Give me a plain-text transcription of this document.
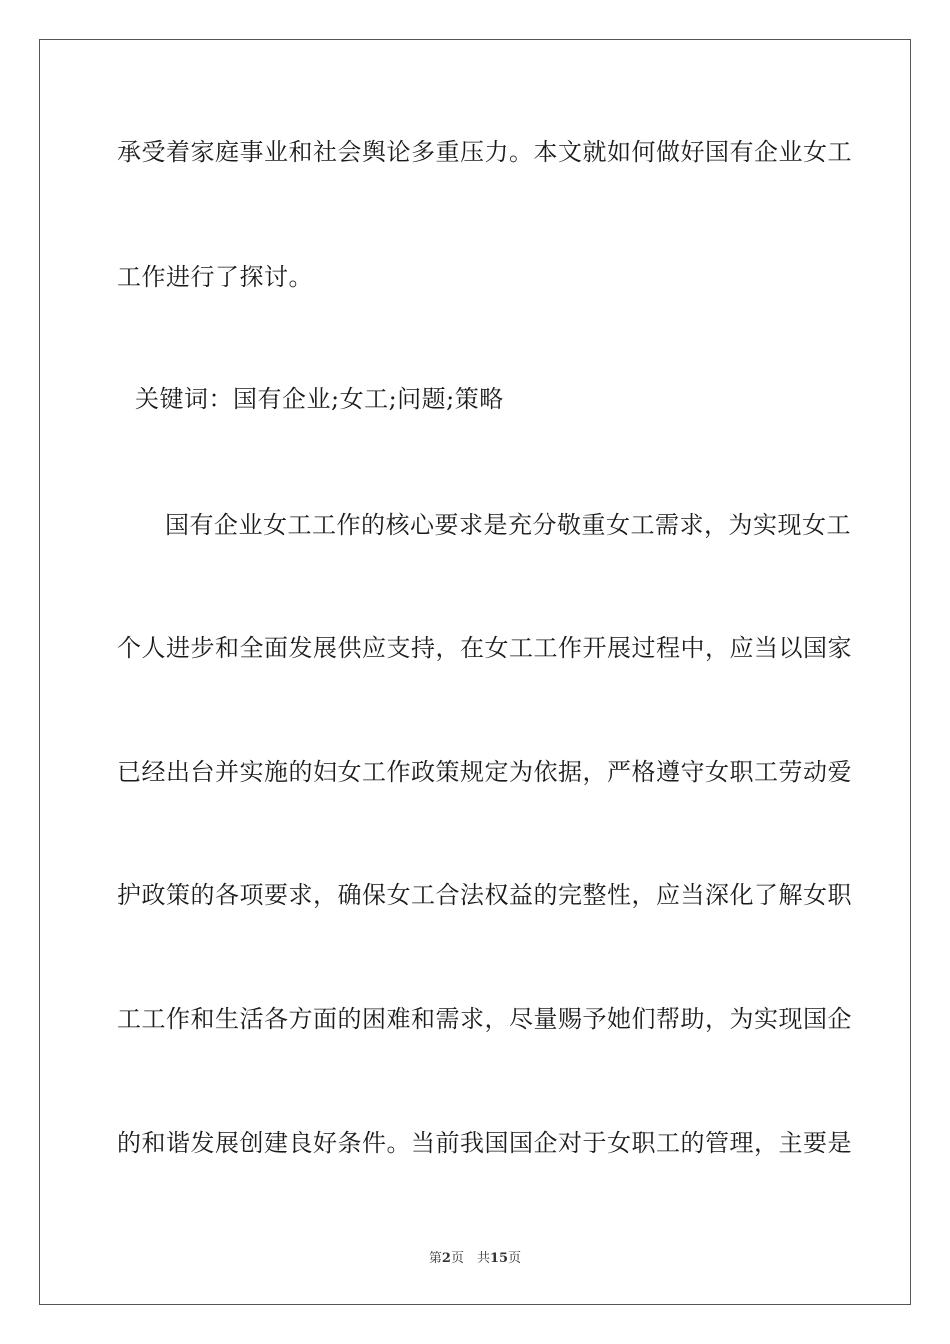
承受着家庭事业和社会舆论多重压力。本文就如何做好国有企业女工
工作进行了探讨。
关键词：国有企业;女工;问题;策略
国有企业女工工作的核心要求是充分敬重女工需求，为实现女工
个人进步和全面发展供应支持，在女工工作开展过程中，应当以国家
已经出台并实施的妇女工作政策规定为依据，严格遵守女职工劳动爱
护政策的各项要求，确保女工合法权益的完整性，应当深化了解女职
工工作和生活各方面的困难和需求，尽量赐予她们帮助，为实现国企
的和谐发展创建良好条件。当前我国国企对于女职工的管理，主要是
第2页　共15页
